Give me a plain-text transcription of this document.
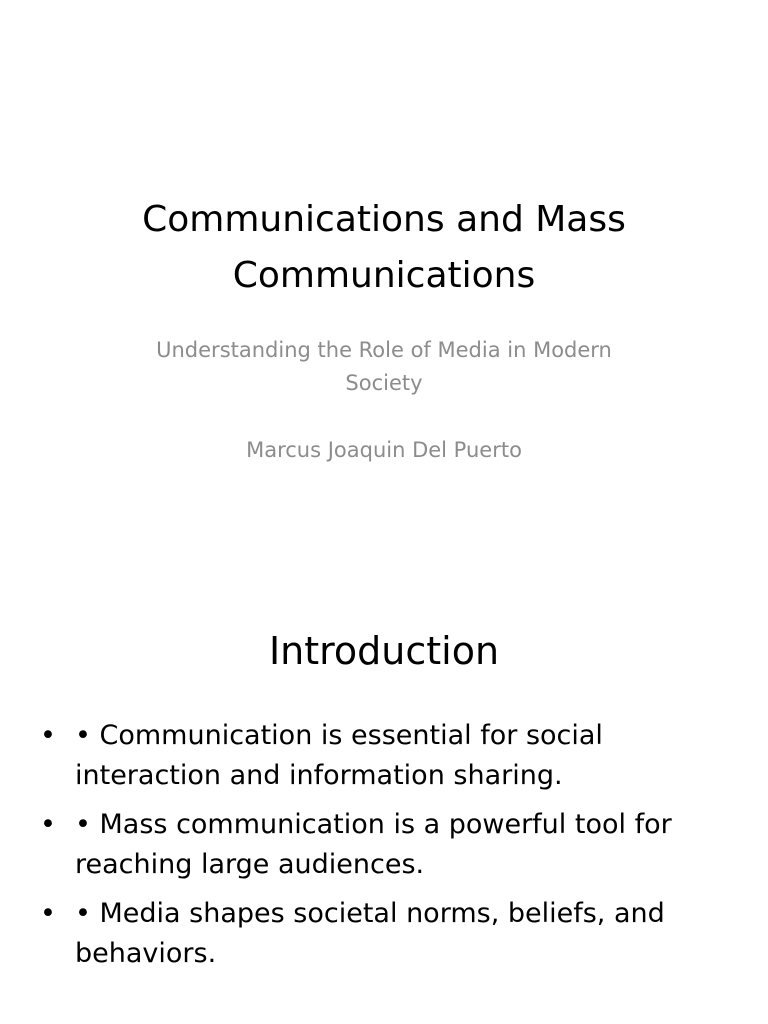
Communications and Mass Communications
Understanding the Role of Media in Modern Society
Marcus Joaquin Del Puerto
Introduction
• • Communication is essential for social interaction and information sharing.
• • Mass communication is a powerful tool for reaching large audiences.
• • Media shapes societal norms, beliefs, and behaviors.
